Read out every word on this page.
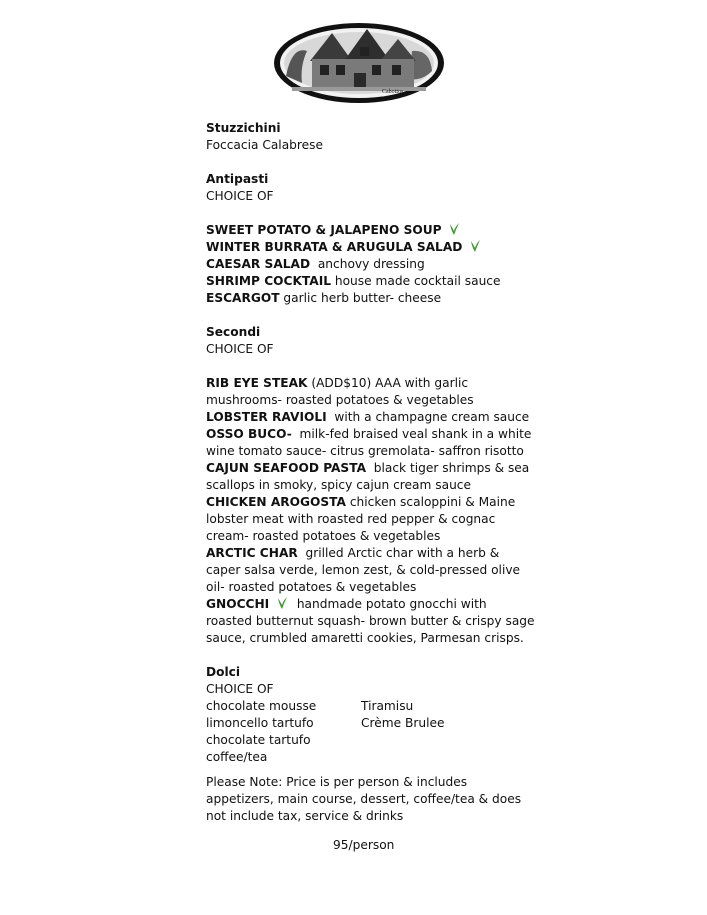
Cabottos
Stuzzichini
Foccacia Calabrese
Antipasti
CHOICE OF
SWEET POTATO & JALAPENO SOUP
WINTER BURRATA & ARUGULA SALAD
CAESAR SALAD anchovy dressing
SHRIMP COCKTAIL house made cocktail sauce
ESCARGOT garlic herb butter- cheese
Secondi
CHOICE OF
RIB EYE STEAK (ADD$10) AAA with garlic mushrooms- roasted potatoes & vegetables
LOBSTER RAVIOLI with a champagne cream sauce
OSSO BUCO- milk-fed braised veal shank in a white wine tomato sauce- citrus gremolata- saffron risotto
CAJUN SEAFOOD PASTA black tiger shrimps & sea scallops in smoky, spicy cajun cream sauce
CHICKEN AROGOSTA chicken scaloppini & Maine lobster meat with roasted red pepper & cognac cream- roasted potatoes & vegetables
ARCTIC CHAR grilled Arctic char with a herb & caper salsa verde, lemon zest, & cold-pressed olive oil- roasted potatoes & vegetables
GNOCCHI handmade potato gnocchi with roasted butternut squash- brown butter & crispy sage sauce, crumbled amaretti cookies, Parmesan crisps.
Dolci
CHOICE OF
chocolate mousse	Tiramisu
limoncello tartufo	Crème Brulee
chocolate tartufo
coffee/tea
Please Note: Price is per person & includes appetizers, main course, dessert, coffee/tea & does not include tax, service & drinks
95/person
